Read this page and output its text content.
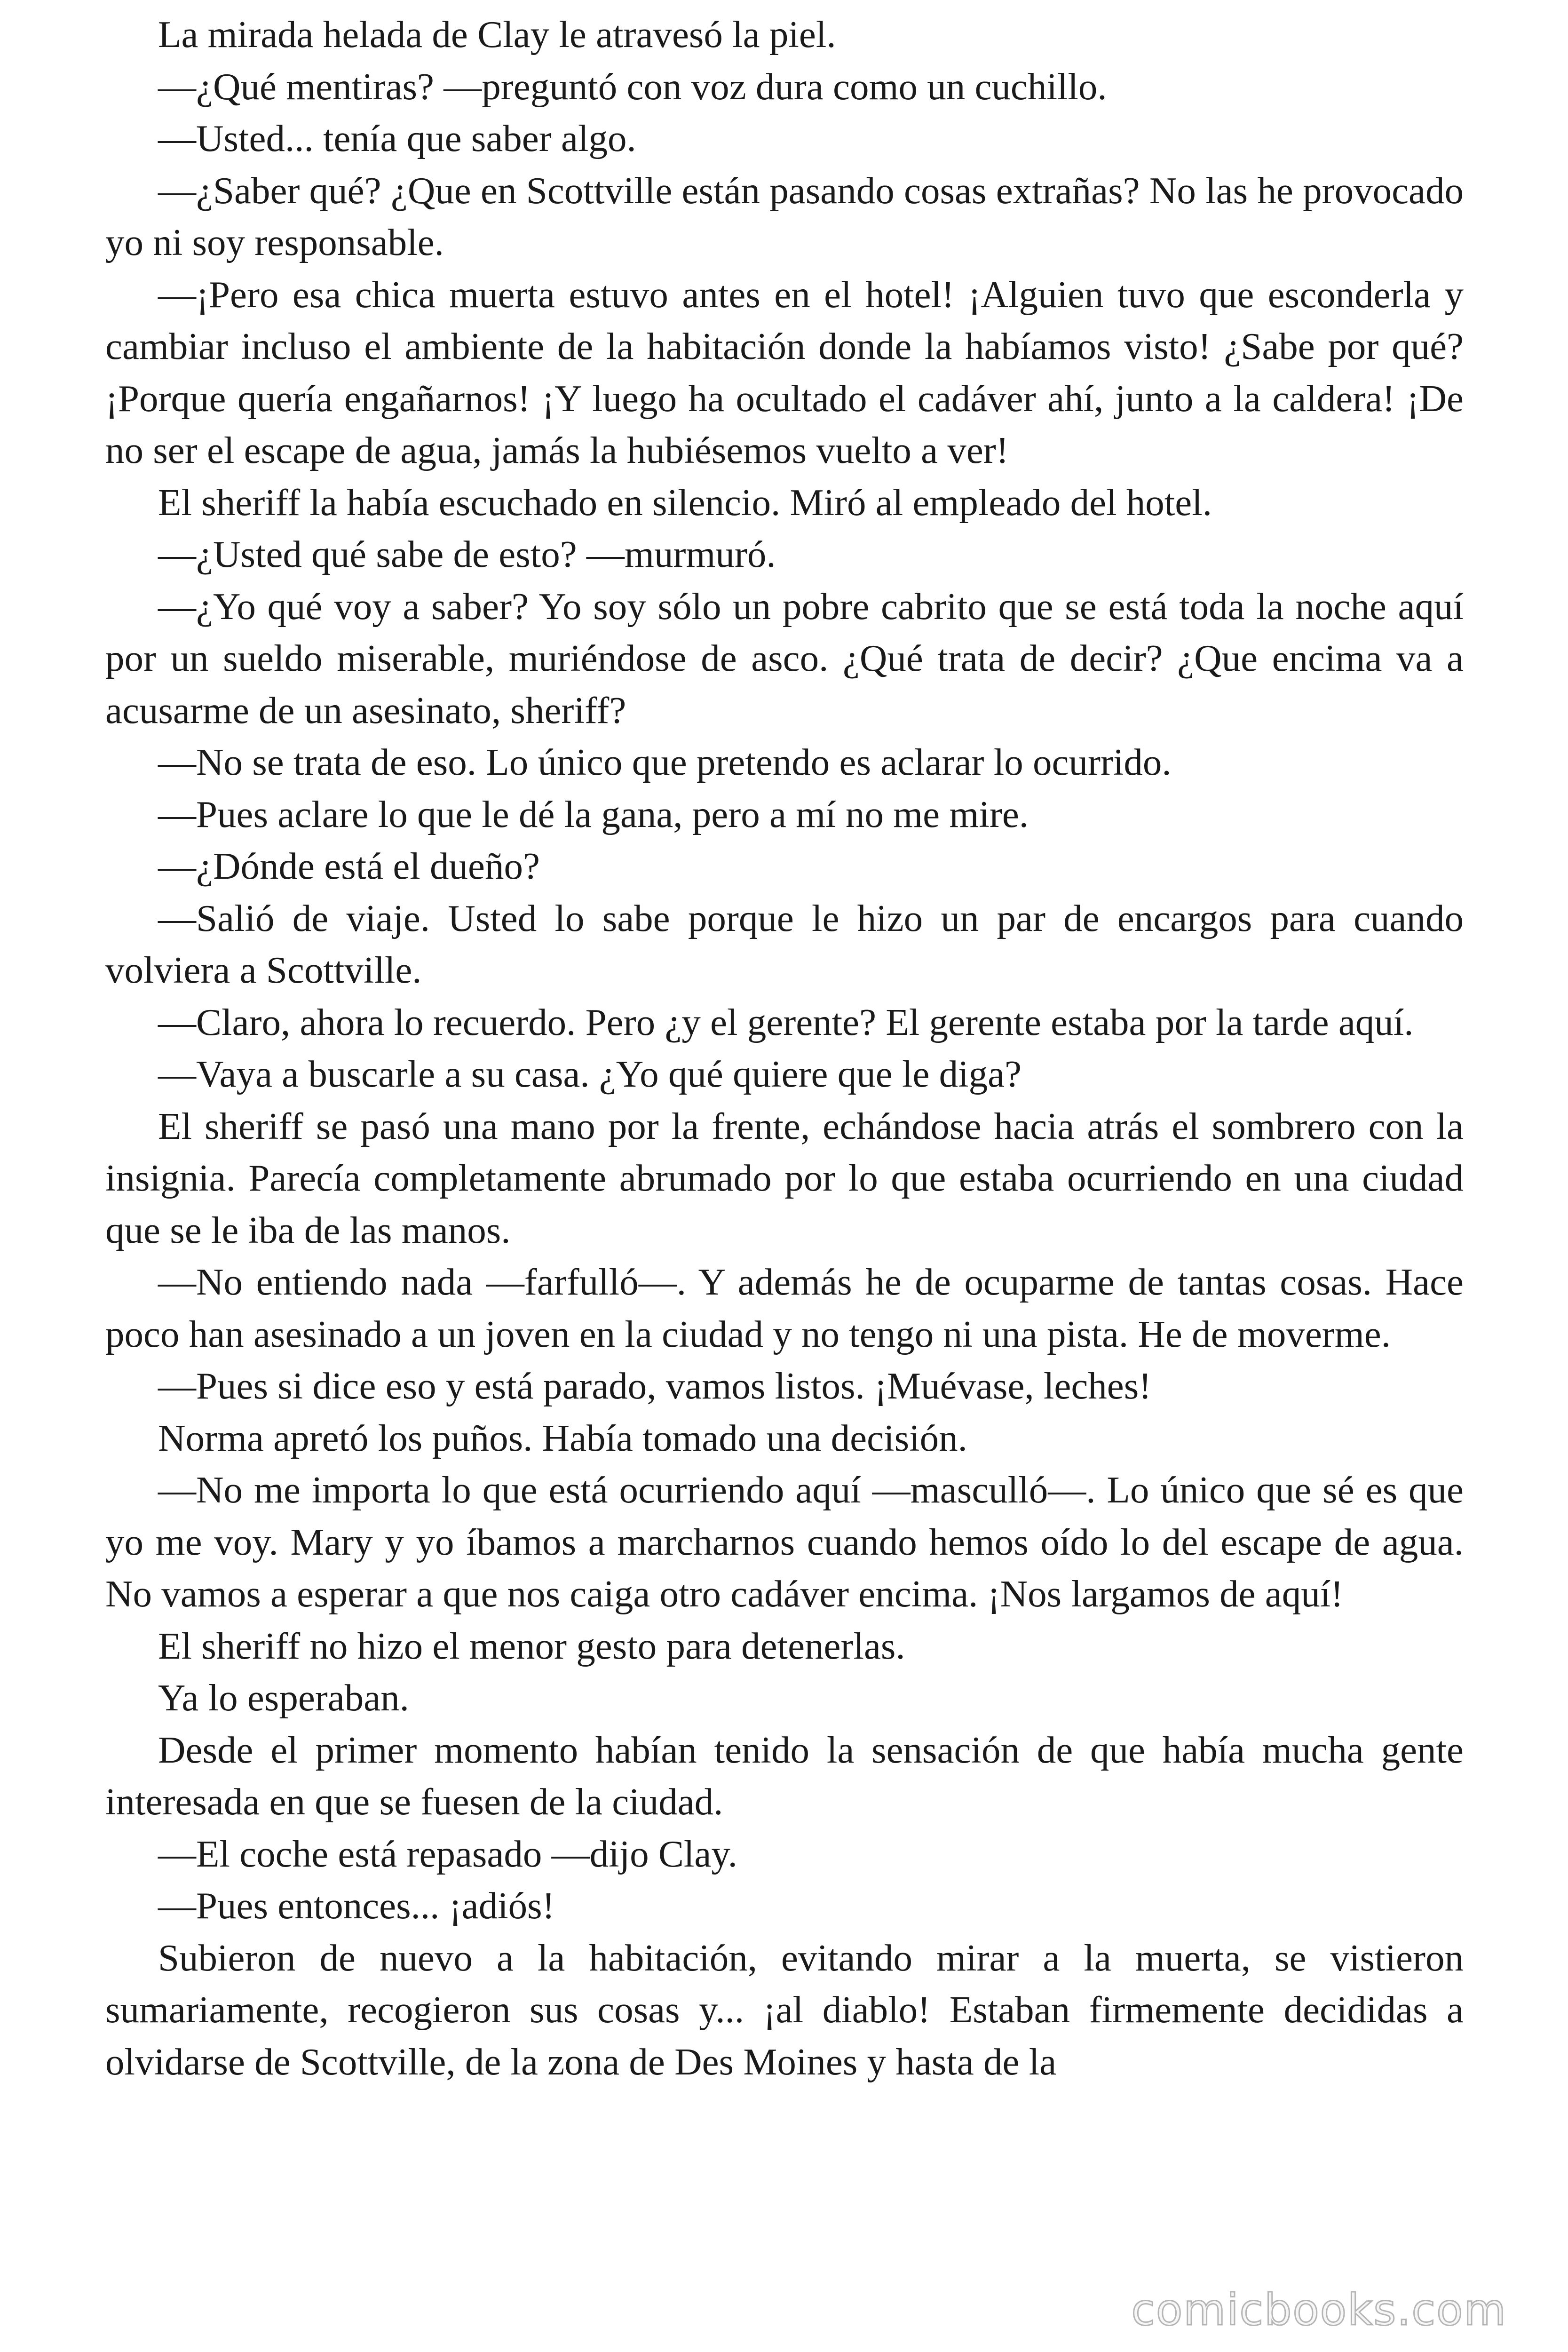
La mirada helada de Clay le atravesó la piel.

—¿Qué mentiras? —preguntó con voz dura como un cuchillo.

—Usted... tenía que saber algo.

—¿Saber qué? ¿Que en Scottville están pasando cosas extrañas? No las he provocado yo ni soy responsable.

—¡Pero esa chica muerta estuvo antes en el hotel! ¡Alguien tuvo que esconderla y cambiar incluso el ambiente de la habitación donde la habíamos visto! ¿Sabe por qué? ¡Porque quería engañarnos! ¡Y luego ha ocultado el cadáver ahí, junto a la caldera! ¡De no ser el escape de agua, jamás la hubiésemos vuelto a ver!

El sheriff la había escuchado en silencio. Miró al empleado del hotel.

—¿Usted qué sabe de esto? —murmuró.

—¿Yo qué voy a saber? Yo soy sólo un pobre cabrito que se está toda la noche aquí por un sueldo miserable, muriéndose de asco. ¿Qué trata de decir? ¿Que encima va a acusarme de un asesinato, sheriff?

—No se trata de eso. Lo único que pretendo es aclarar lo ocurrido.

—Pues aclare lo que le dé la gana, pero a mí no me mire.

—¿Dónde está el dueño?

—Salió de viaje. Usted lo sabe porque le hizo un par de encargos para cuando volviera a Scottville.

—Claro, ahora lo recuerdo. Pero ¿y el gerente? El gerente estaba por la tarde aquí.

—Vaya a buscarle a su casa. ¿Yo qué quiere que le diga?

El sheriff se pasó una mano por la frente, echándose hacia atrás el sombrero con la insignia. Parecía completamente abrumado por lo que estaba ocurriendo en una ciudad que se le iba de las manos.

—No entiendo nada —farfulló—. Y además he de ocuparme de tantas cosas. Hace poco han asesinado a un joven en la ciudad y no tengo ni una pista. He de moverme.

—Pues si dice eso y está parado, vamos listos. ¡Muévase, leches!

Norma apretó los puños. Había tomado una decisión.

—No me importa lo que está ocurriendo aquí —masculló—. Lo único que sé es que yo me voy. Mary y yo íbamos a marcharnos cuando hemos oído lo del escape de agua. No vamos a esperar a que nos caiga otro cadáver encima. ¡Nos largamos de aquí!

El sheriff no hizo el menor gesto para detenerlas.

Ya lo esperaban.

Desde el primer momento habían tenido la sensación de que había mucha gente interesada en que se fuesen de la ciudad.

—El coche está repasado —dijo Clay.

—Pues entonces... ¡adiós!

Subieron de nuevo a la habitación, evitando mirar a la muerta, se vistieron sumariamente, recogieron sus cosas y... ¡al diablo! Estaban firmemente decididas a olvidarse de Scottville, de la zona de Des Moines y hasta de la

comicbooks.com
